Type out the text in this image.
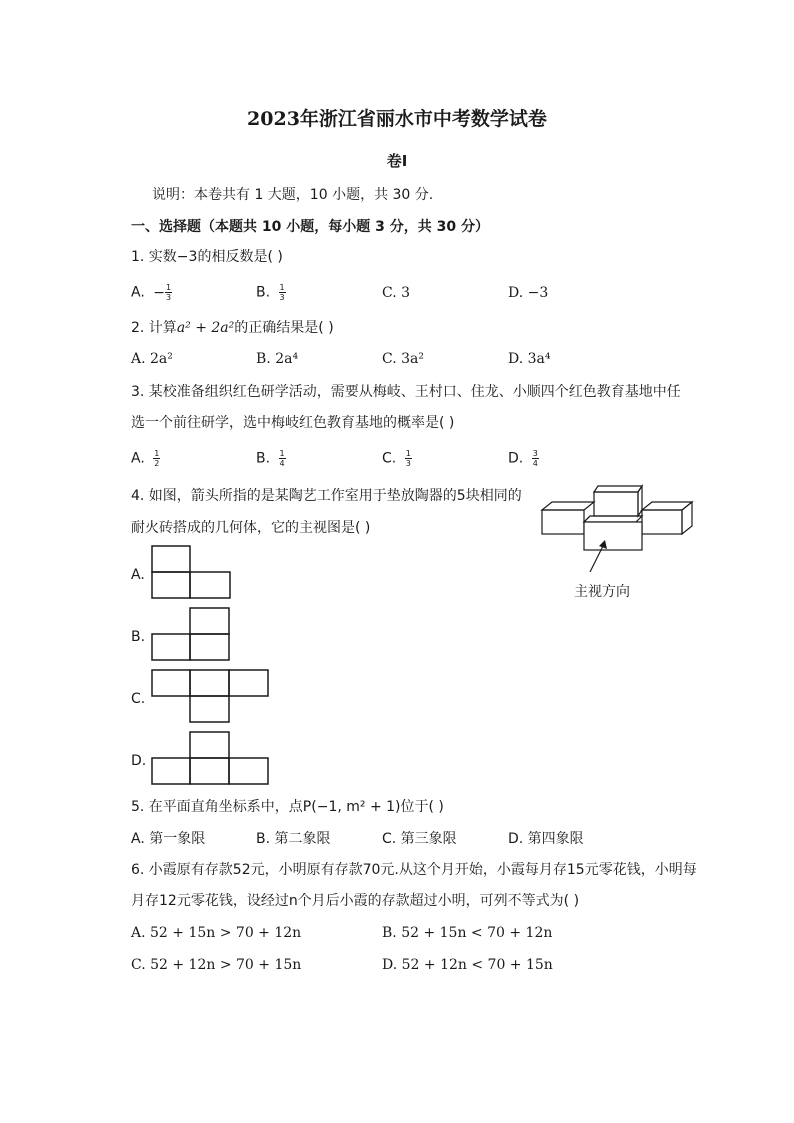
2023年浙江省丽水市中考数学试卷
卷Ⅰ
说明：本卷共有 1 大题，10 小题，共 30 分.
一、选择题（本题共 10 小题，每小题 3 分，共 30 分）
1. 实数−3的相反数是( )
A. − $\frac{1}{3}$	B. $\frac{1}{3}$	C. 3	D. −3
2. 计算a² + 2a²的正确结果是( )
A. 2a²	B. 2a⁴	C. 3a²	D. 3a⁴
3. 某校准备组织红色研学活动，需要从梅岐、王村口、住龙、小顺四个红色教育基地中任
选一个前往研学，选中梅岐红色教育基地的概率是( )
A. $\frac{1}{2}$	B. $\frac{1}{4}$	C. $\frac{1}{3}$	D. $\frac{3}{4}$
4. 如图，箭头所指的是某陶艺工作室用于垫放陶器的5块相同的
耐火砖搭成的几何体，它的主视图是( )
主视方向
A.
B.
C.
D.
5. 在平面直角坐标系中，点P(−1, m² + 1)位于( )
A. 第一象限	B. 第二象限	C. 第三象限	D. 第四象限
6. 小霞原有存款52元，小明原有存款70元.从这个月开始，小霞每月存15元零花钱，小明每
月存12元零花钱，设经过n个月后小霞的存款超过小明，可列不等式为( )
A. 52 + 15n > 70 + 12n	B. 52 + 15n < 70 + 12n
C. 52 + 12n > 70 + 15n	D. 52 + 12n < 70 + 15n
